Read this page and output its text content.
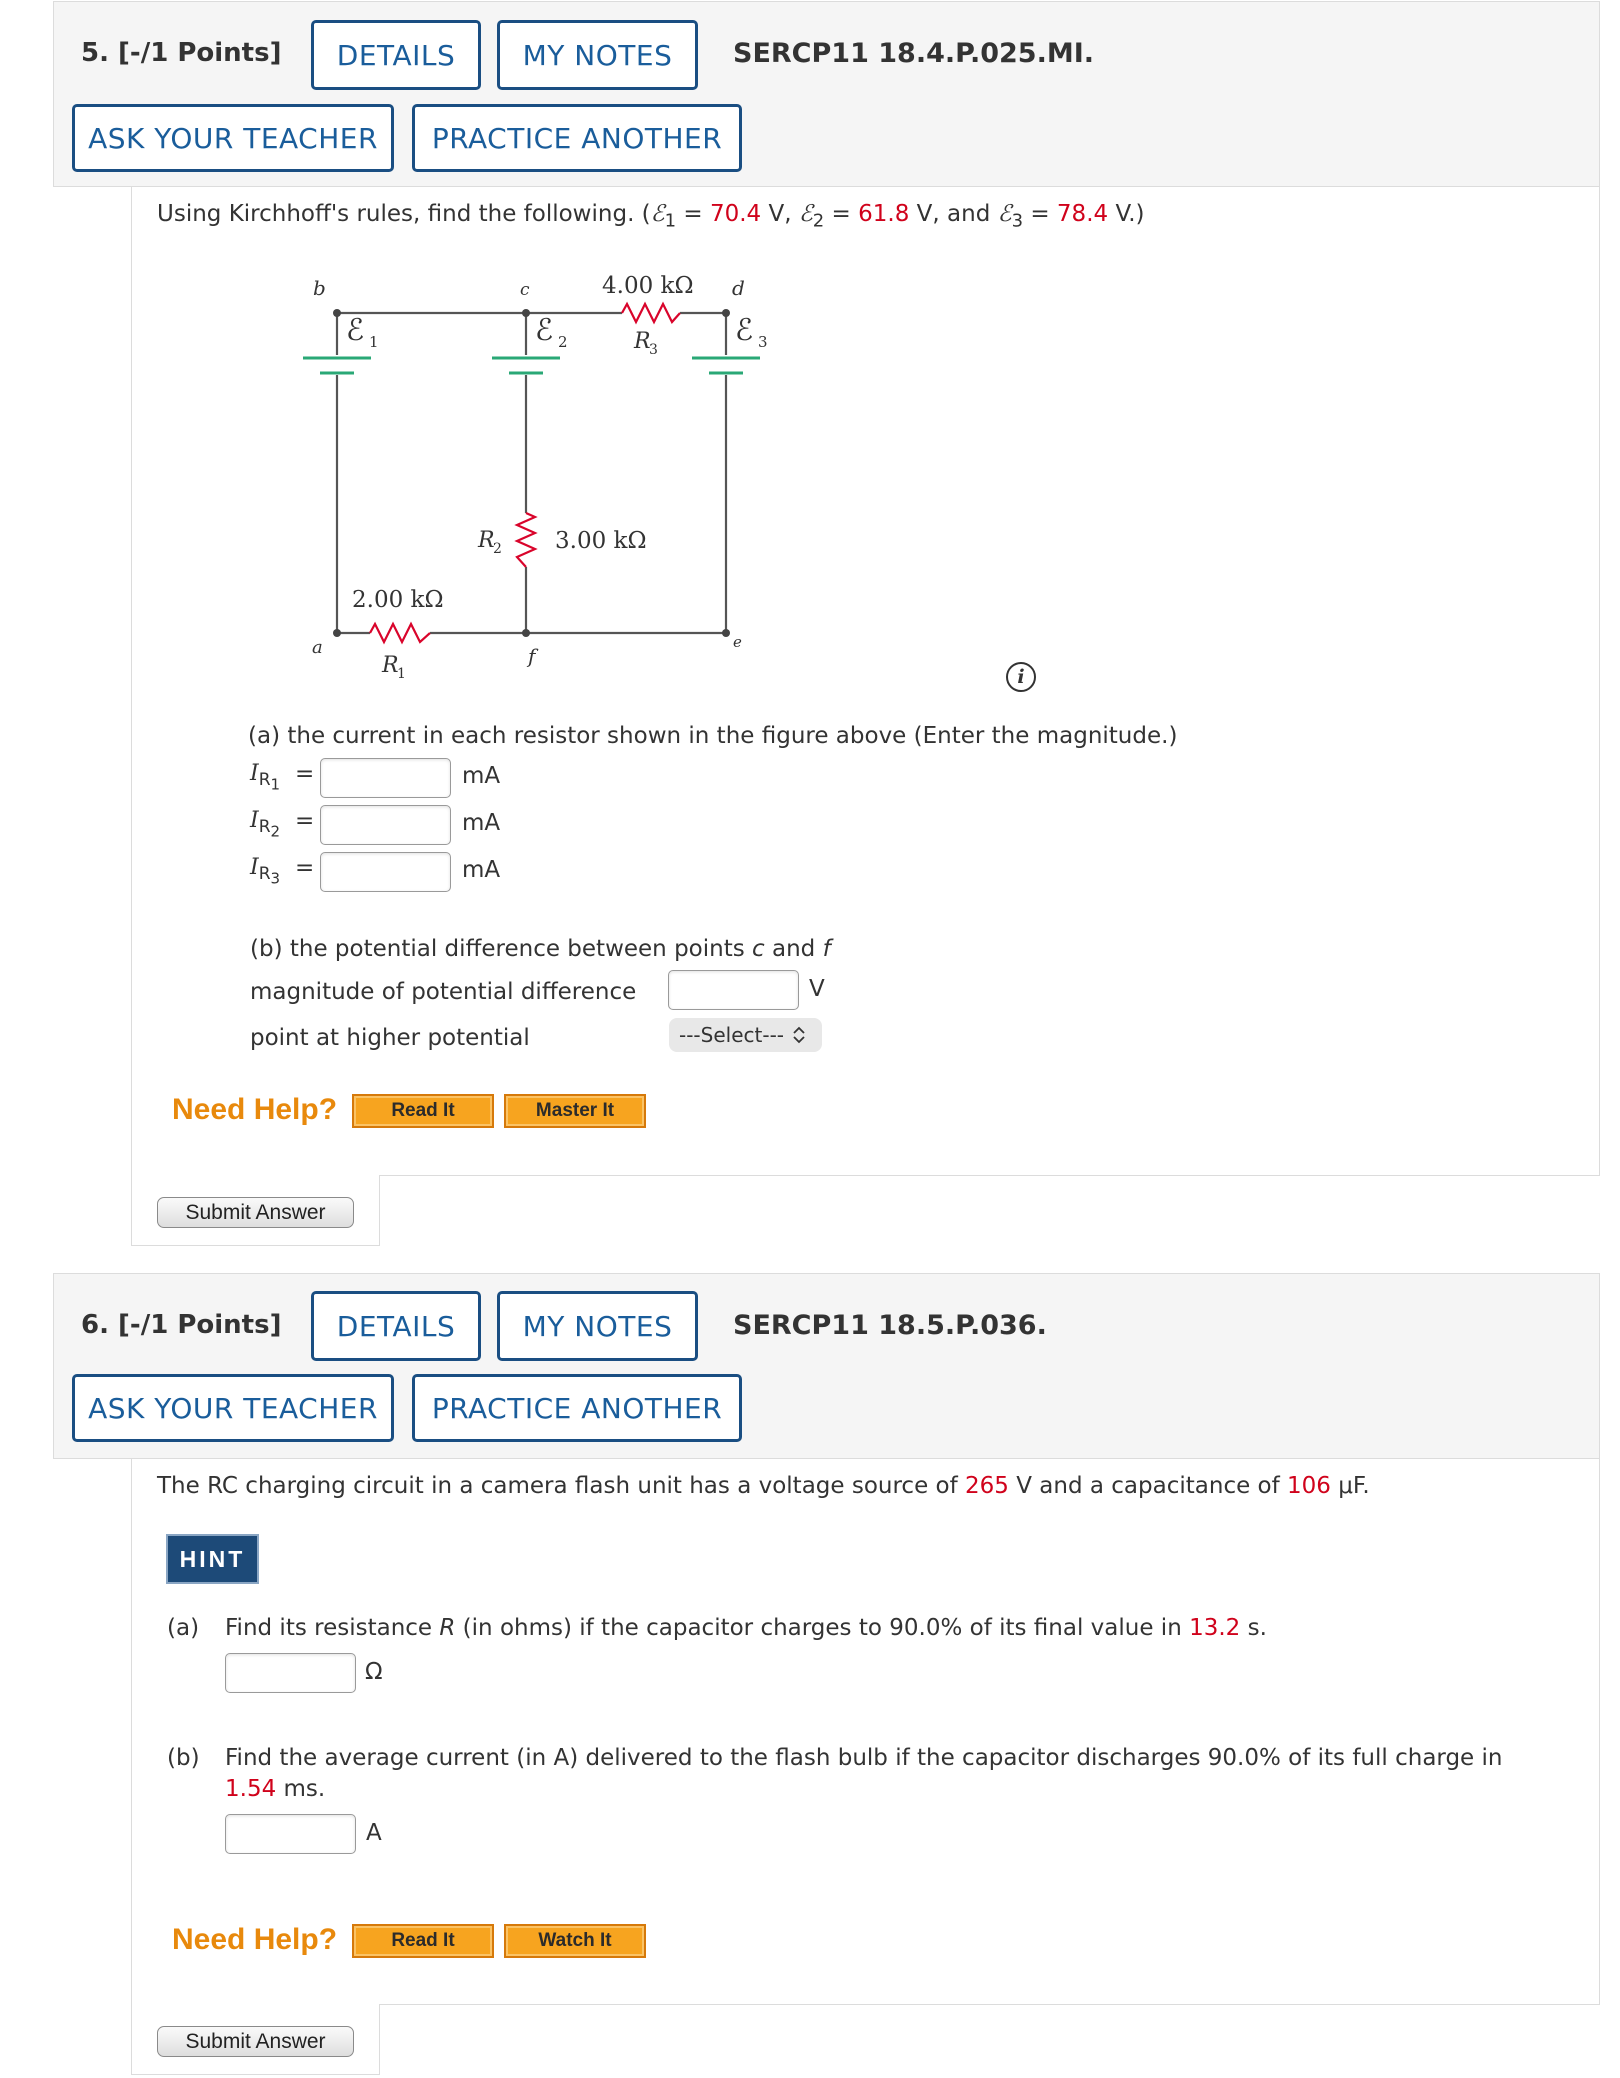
5. [-/1 Points]	DETAILS	MY NOTES	SERCP11 18.4.P.025.MI.
ASK YOUR TEACHER	PRACTICE ANOTHER
Using Kirchhoff's rules, find the following. (ℰ$_1$ = 70.4 V, ℰ$_2$ = 61.8 V, and ℰ$_3$ = 78.4 V.)
b	c	d
a	f
e
ℰ 1	ℰ 2	ℰ 3
4.00 kΩ
R
3
R
2 3.00 kΩ
2.00 kΩ
R
1	i
(a) the current in each resistor shown in the figure above (Enter the magnitude.)
$I_{R_1}$ =	mA
$I_{R_2}$ =	mA
$I_{R_3}$ =	mA
(b) the potential difference between points c and f
magnitude of potential difference	V
point at higher potential	---Select---
Need Help?	Read It	Master It
Submit Answer
6. [-/1 Points]	DETAILS	MY NOTES	SERCP11 18.5.P.036.
ASK YOUR TEACHER	PRACTICE ANOTHER
The RC charging circuit in a camera flash unit has a voltage source of 265 V and a capacitance of 106 μF.
HINT
(a) Find its resistance R (in ohms) if the capacitor charges to 90.0% of its final value in 13.2 s.
Ω
(b) Find the average current (in A) delivered to the flash bulb if the capacitor discharges 90.0% of its full charge in
1.54 ms.
A
Need Help?	Read It	Watch It
Submit Answer
